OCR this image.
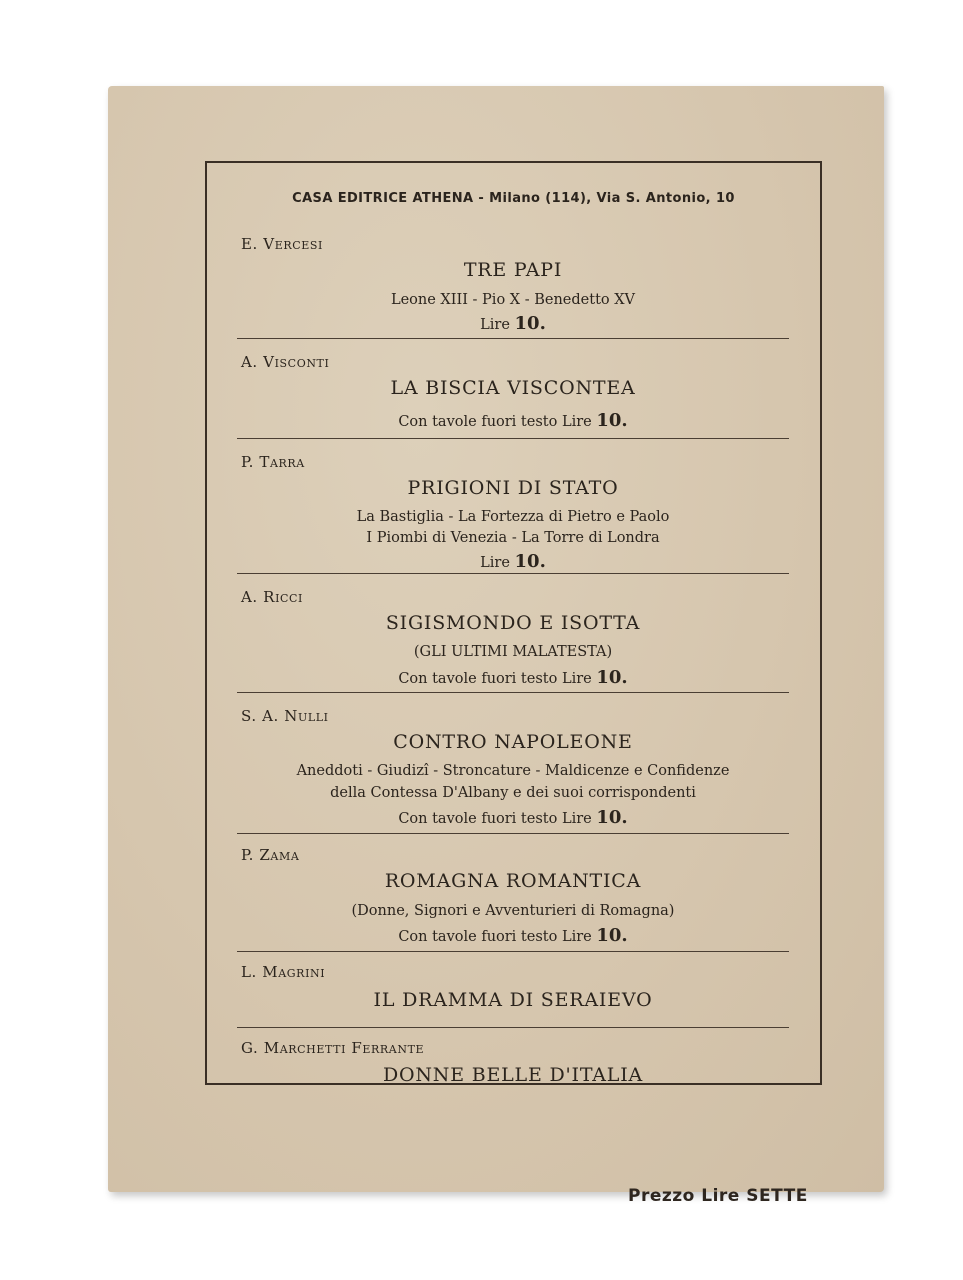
CASA EDITRICE ATHENA - Milano (114), Via S. Antonio, 10
E. Vercesi
TRE PAPI
Leone XIII - Pio X - Benedetto XV
Lire 10.
A. Visconti
LA BISCIA VISCONTEA
Con tavole fuori testo Lire 10.
P. Tarra
PRIGIONI DI STATO
La Bastiglia - La Fortezza di Pietro e Paolo
I Piombi di Venezia - La Torre di Londra
Lire 10.
A. Ricci
SIGISMONDO E ISOTTA
(GLI ULTIMI MALATESTA)
Con tavole fuori testo Lire 10.
S. A. Nulli
CONTRO NAPOLEONE
Aneddoti - Giudizî - Stroncature - Maldicenze e Confidenze
della Contessa D'Albany e dei suoi corrispondenti
Con tavole fuori testo Lire 10.
P. Zama
ROMAGNA ROMANTICA
(Donne, Signori e Avventurieri di Romagna)
Con tavole fuori testo Lire 10.
L. Magrini
IL DRAMMA DI SERAIEVO
G. Marchetti Ferrante
DONNE BELLE D'ITALIA
Prezzo Lire SETTE
